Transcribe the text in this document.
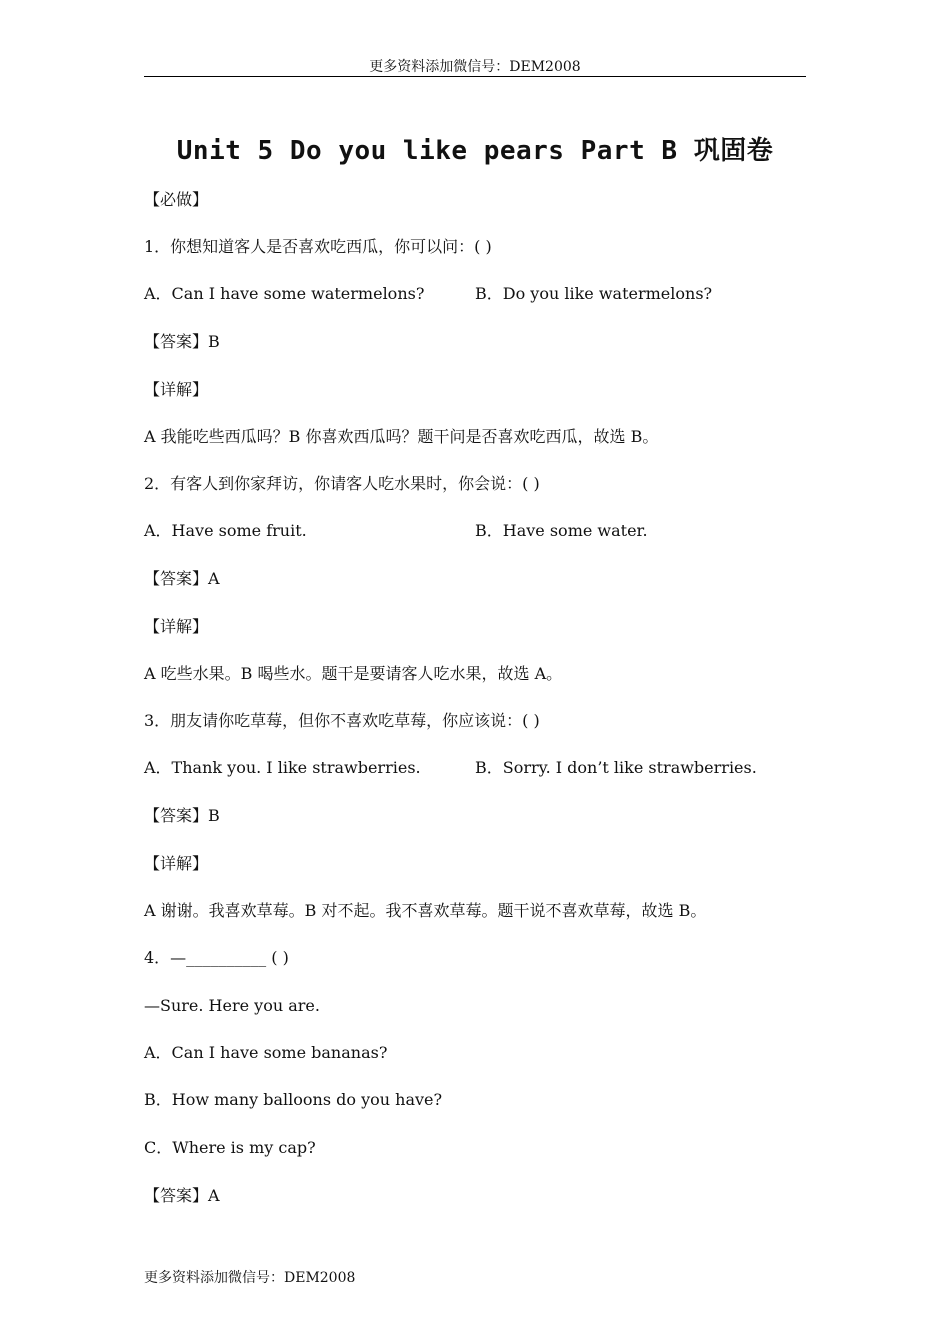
更多资料添加微信号：DEM2008
Unit 5 Do you like pears Part B 巩固卷
【必做】
1．你想知道客人是否喜欢吃西瓜，你可以问：( )
A．Can I have some watermelons?	B．Do you like watermelons?
【答案】B
【详解】
A 我能吃些西瓜吗？B 你喜欢西瓜吗？题干问是否喜欢吃西瓜，故选 B。
2．有客人到你家拜访，你请客人吃水果时，你会说：( )
A．Have some fruit.	B．Have some water.
【答案】A
【详解】
A 吃些水果。B 喝些水。题干是要请客人吃水果，故选 A。
3．朋友请你吃草莓，但你不喜欢吃草莓，你应该说：( )
A．Thank you. I like strawberries.	B．Sorry. I don’t like strawberries.
【答案】B
【详解】
A 谢谢。我喜欢草莓。B 对不起。我不喜欢草莓。题干说不喜欢草莓，故选 B。
4．—__________ ( )
—Sure. Here you are.
A．Can I have some bananas?
B．How many balloons do you have?
C．Where is my cap?
【答案】A
更多资料添加微信号：DEM2008
